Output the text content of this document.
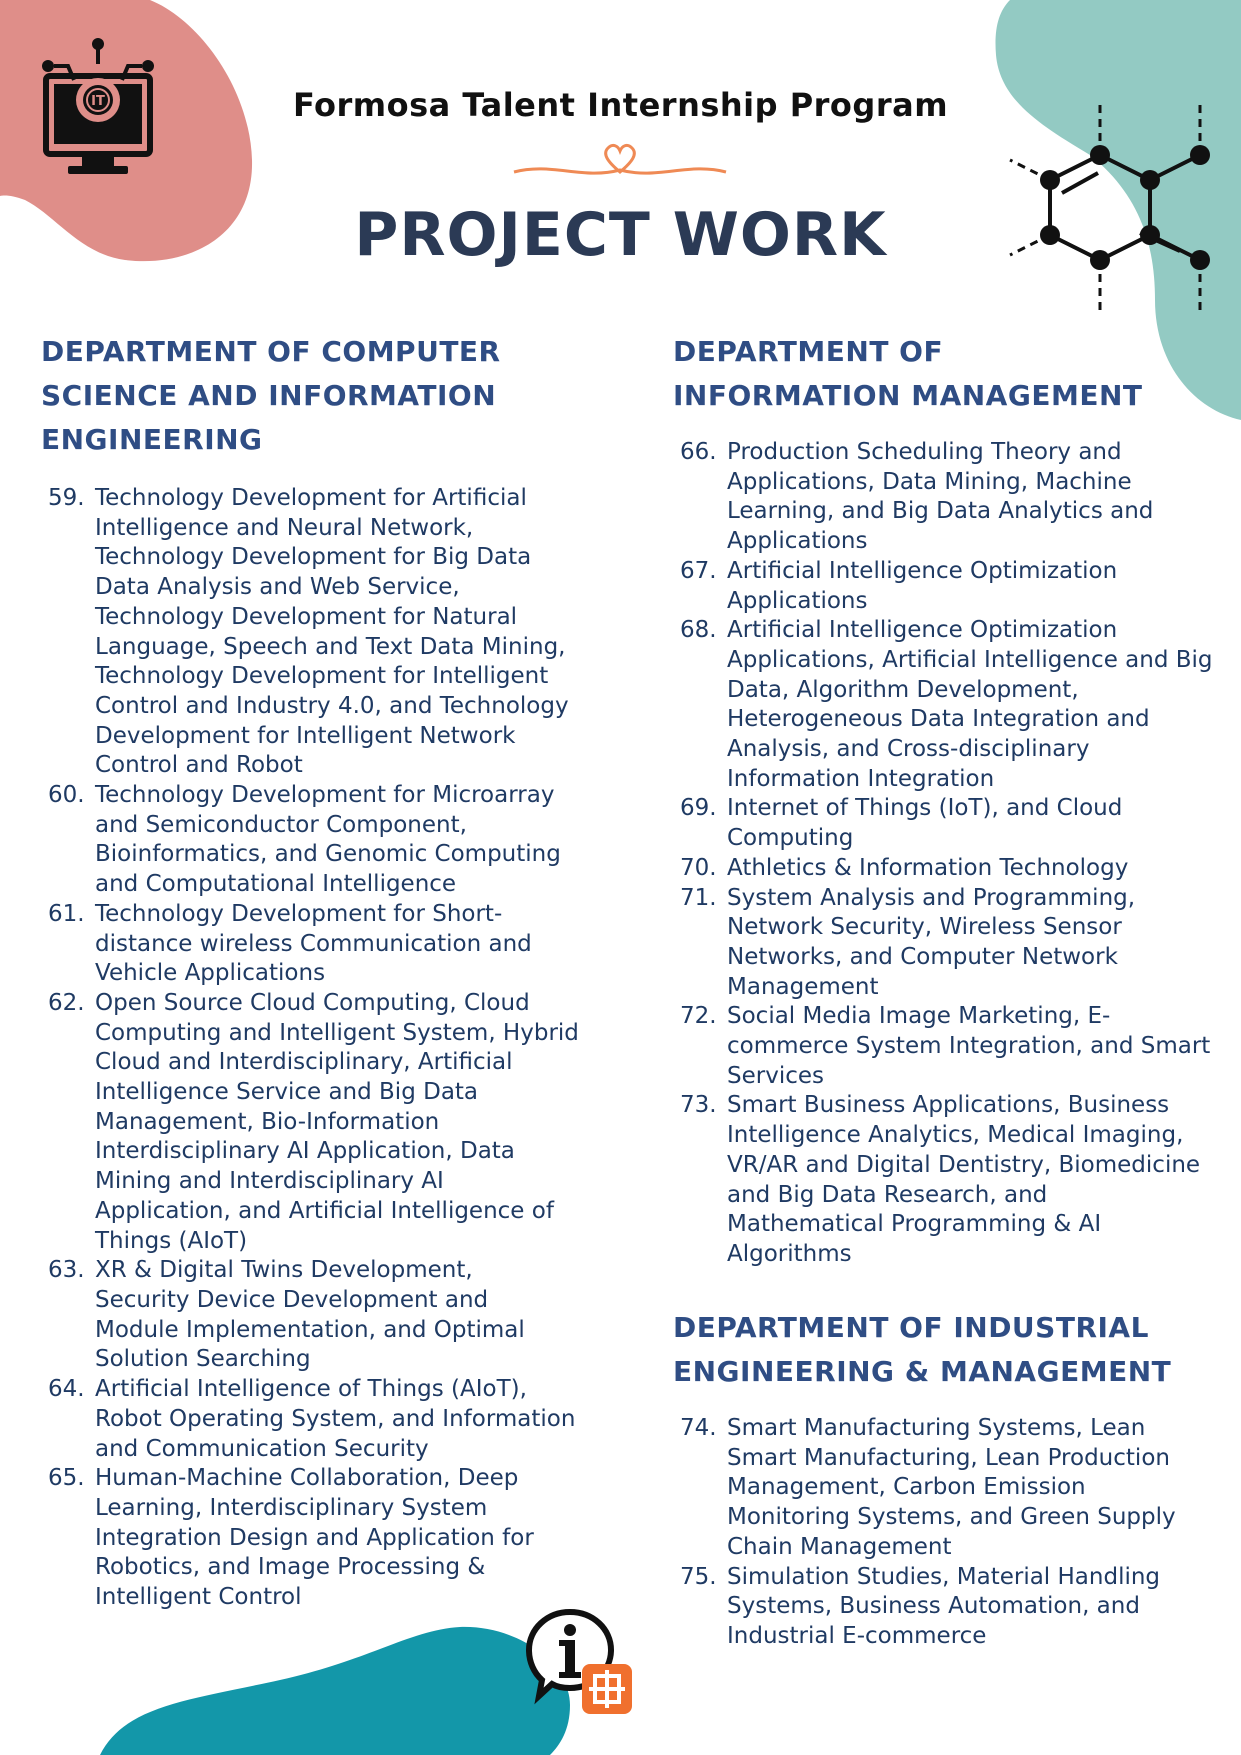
IT	Formosa Talent Internship Program
PROJECT WORK
DEPARTMENT OF COMPUTER
SCIENCE AND INFORMATION
ENGINEERING
59. Technology Development for Artificial
Intelligence and Neural Network,
Technology Development for Big Data
Data Analysis and Web Service,
Technology Development for Natural
Language, Speech and Text Data Mining,
Technology Development for Intelligent
Control and Industry 4.0, and Technology
Development for Intelligent Network
Control and Robot
60. Technology Development for Microarray
and Semiconductor Component,
Bioinformatics, and Genomic Computing
and Computational Intelligence
61. Technology Development for Short-
distance wireless Communication and
Vehicle Applications
62. Open Source Cloud Computing, Cloud
Computing and Intelligent System, Hybrid
Cloud and Interdisciplinary, Artificial
Intelligence Service and Big Data
Management, Bio-Information
Interdisciplinary AI Application, Data
Mining and Interdisciplinary AI
Application, and Artificial Intelligence of
Things (AIoT)
63. XR & Digital Twins Development,
Security Device Development and
Module Implementation, and Optimal
Solution Searching
64. Artificial Intelligence of Things (AIoT),
Robot Operating System, and Information
and Communication Security
65. Human-Machine Collaboration, Deep
Learning, Interdisciplinary System
Integration Design and Application for
Robotics, and Image Processing &
Intelligent Control
DEPARTMENT OF
INFORMATION MANAGEMENT
66. Production Scheduling Theory and
Applications, Data Mining, Machine
Learning, and Big Data Analytics and
Applications
67. Artificial Intelligence Optimization
Applications
68. Artificial Intelligence Optimization
Applications, Artificial Intelligence and Big
Data, Algorithm Development,
Heterogeneous Data Integration and
Analysis, and Cross-disciplinary
Information Integration
69. Internet of Things (IoT), and Cloud
Computing
70. Athletics & Information Technology
71. System Analysis and Programming,
Network Security, Wireless Sensor
Networks, and Computer Network
Management
72. Social Media Image Marketing, E-
commerce System Integration, and Smart
Services
73. Smart Business Applications, Business
Intelligence Analytics, Medical Imaging,
VR/AR and Digital Dentistry, Biomedicine
and Big Data Research, and
Mathematical Programming & AI
Algorithms
DEPARTMENT OF INDUSTRIAL
ENGINEERING & MANAGEMENT
74. Smart Manufacturing Systems, Lean
Smart Manufacturing, Lean Production
Management, Carbon Emission
Monitoring Systems, and Green Supply
Chain Management
75. Simulation Studies, Material Handling
Systems, Business Automation, and
Industrial E-commerce
